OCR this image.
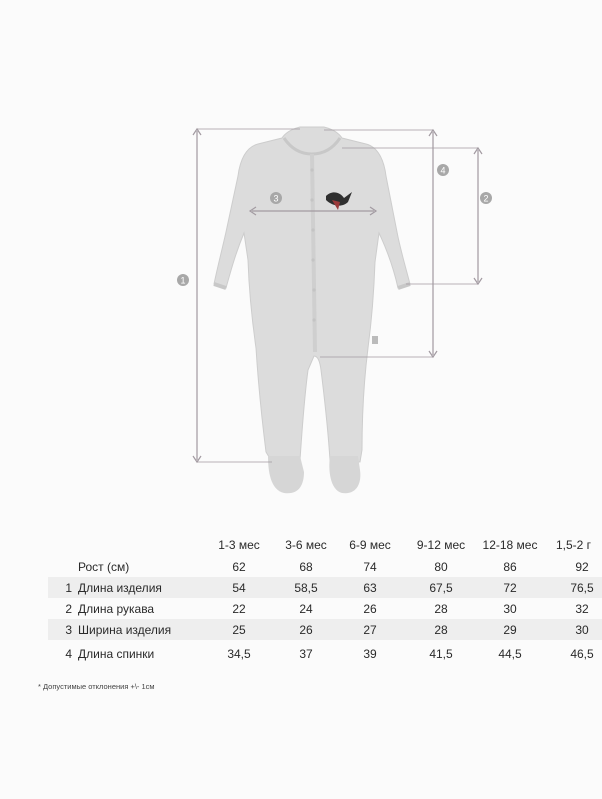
1
2
3
4
		1-3 мес	3-6 мес	6-9 мес	9-12 мес	12-18 мес	1,5-2 г
	Рост (см)	62	68	74	80	86	92
1	Длина изделия	54	58,5	63	67,5	72	76,5
2	Длина рукава	22	24	26	28	30	32
3	Ширина изделия	25	26	27	28	29	30
4	Длина спинки	34,5	37	39	41,5	44,5	46,5
* Допустимые отклонения +\- 1см
